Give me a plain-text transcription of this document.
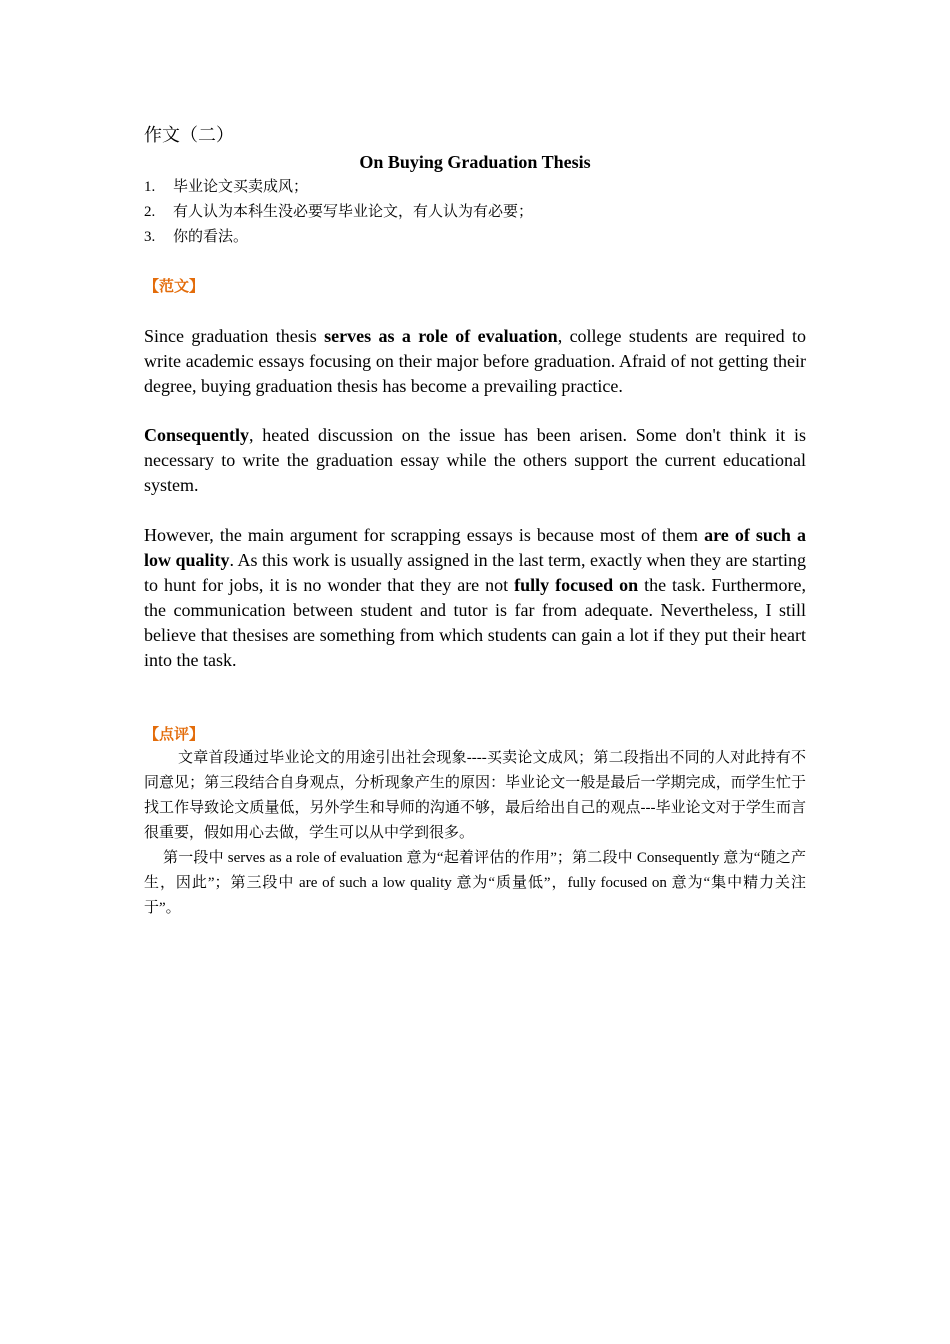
作文（二）
On Buying Graduation Thesis
1. 毕业论文买卖成风；
2. 有人认为本科生没必要写毕业论文，有人认为有必要；
3. 你的看法。
【范文】

Since graduation thesis serves as a role of evaluation, college students are required to write academic essays focusing on their major before graduation. Afraid of not getting their degree, buying graduation thesis has become a prevailing practice.

Consequently, heated discussion on the issue has been arisen. Some don't think it is necessary to write the graduation essay while the others support the current educational system.

However, the main argument for scrapping essays is because most of them are of such a low quality. As this work is usually assigned in the last term, exactly when they are starting to hunt for jobs, it is no wonder that they are not fully focused on the task. Furthermore, the communication between student and tutor is far from adequate. Nevertheless, I still believe that thesises are something from which students can gain a lot if they put their heart into the task.

【点评】

文章首段通过毕业论文的用途引出社会现象----买卖论文成风；第二段指出不同的人对此持有不同意见；第三段结合自身观点，分析现象产生的原因：毕业论文一般是最后一学期完成，而学生忙于找工作导致论文质量低，另外学生和导师的沟通不够，最后给出自己的观点---毕业论文对于学生而言很重要，假如用心去做，学生可以从中学到很多。

第一段中 serves as a role of evaluation 意为“起着评估的作用”；第二段中 Consequently 意为“随之产生，因此”；第三段中 are of such a low quality 意为“质量低”，fully focused on 意为“集中精力关注于”。
